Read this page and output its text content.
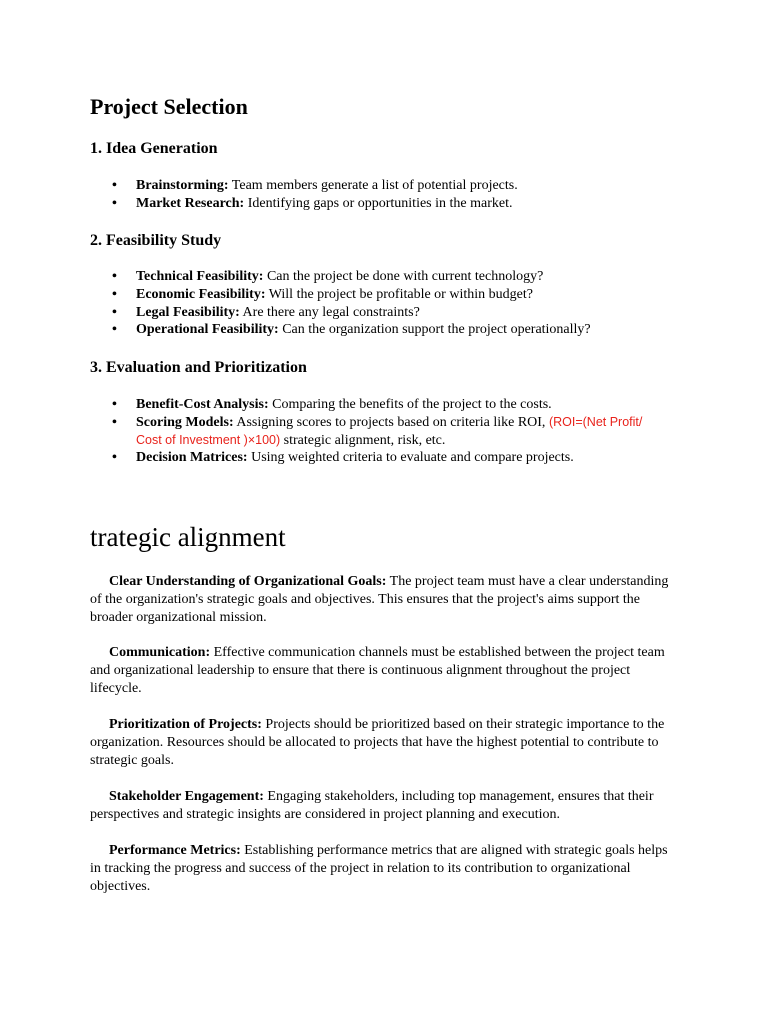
Project Selection
1. Idea Generation
• Brainstorming: Team members generate a list of potential projects.
• Market Research: Identifying gaps or opportunities in the market.
2. Feasibility Study
• Technical Feasibility: Can the project be done with current technology?
• Economic Feasibility: Will the project be profitable or within budget?
• Legal Feasibility: Are there any legal constraints?
• Operational Feasibility: Can the organization support the project operationally?
3. Evaluation and Prioritization
• Benefit-Cost Analysis: Comparing the benefits of the project to the costs.
• Scoring Models: Assigning scores to projects based on criteria like ROI, (ROI=(Net Profit/
Cost of Investment )×100) strategic alignment, risk, etc.
• Decision Matrices: Using weighted criteria to evaluate and compare projects.
trategic alignment

Clear Understanding of Organizational Goals: The project team must have a clear understanding of the organization's strategic goals and objectives. This ensures that the project's aims support the broader organizational mission.

Communication: Effective communication channels must be established between the project team and organizational leadership to ensure that there is continuous alignment throughout the project lifecycle.

Prioritization of Projects: Projects should be prioritized based on their strategic importance to the organization. Resources should be allocated to projects that have the highest potential to contribute to strategic goals.

Stakeholder Engagement: Engaging stakeholders, including top management, ensures that their perspectives and strategic insights are considered in project planning and execution.

Performance Metrics: Establishing performance metrics that are aligned with strategic goals helps in tracking the progress and success of the project in relation to its contribution to organizational objectives.
